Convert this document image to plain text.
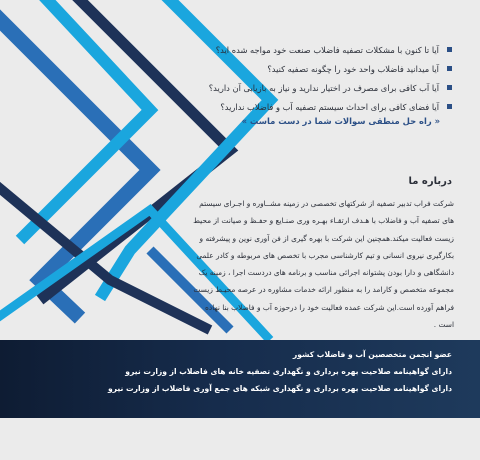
آیا تا کنون با مشکلات تصفیه فاضلاب صنعت خود مواجه شده اید؟
آیا میدانید فاضلاب واحد خود را چگونه تصفیه کنید؟
آیا آب کافی برای مصرف در اختیار ندارید و نیاز به بازیابی آن دارید؟
آیا فضای کافی برای احداث سیستم تصفیه آب و فاضلاب ندارید؟
« راه حل منطقی سوالات شما در دست ماست »
درباره ما
شرکت فراب تدبیر تصفیه از شرکتهای تخصصی در زمینه مشــاوره و اجـرای سیستم های تصفیه آب و فاضلاب با هـدف ارتقـاء بهـره وری صنـایع و حفـظ و صیانت از محیط زیست فعالیت میکند.همچنین این شرکت با بهره گیری از فن آوری نوین و پیشرفته و بکارگیری نیروی انسانی و تیم کارشناسی مجرب با تخصص های مربوطه و کادر علمی دانشگاهی و دارا بودن پشتوانه اجرائی مناسب و برنامه های دردست اجرا ، زمینه یک مجموعه متخصص و کارامد را به منظور ارائه خدمات مشاوره در عرصه محیـط زیست فراهم آورده است.این شرکت عمده فعالیت خود را درحوزه آب و فاضلاب بنا نهاده است .
عضو انجمن متخصصین آب و فاضلاب کشور
دارای گواهینامه صلاحیت بهره برداری و نگهداری تصفیه خانه های فاضلاب از وزارت نیرو
دارای گواهینامه صلاحیت بهره برداری و نگهداری شبکه های جمع آوری فاضلاب از وزارت نیرو
